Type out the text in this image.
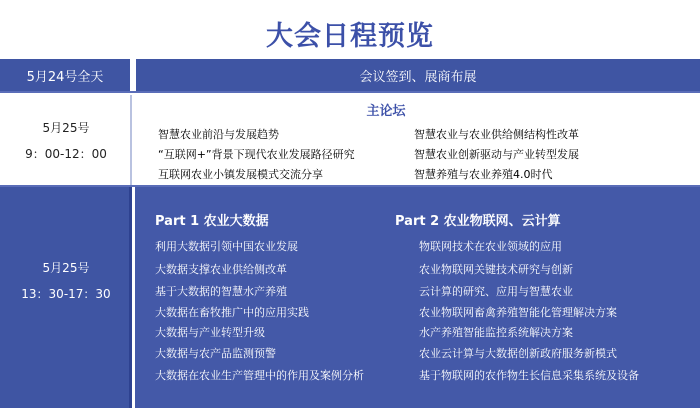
大会日程预览
5月24号全天	会议签到、展商布展
5月25号
9：00-12：00
主论坛
智慧农业前沿与发展趋势
“互联网+”背景下现代农业发展路径研究
互联网农业小镇发展模式交流分享
智慧农业与农业供给侧结构性改革
智慧农业创新驱动与产业转型发展
智慧养殖与农业养殖4.0时代
5月25号
13：30-17：30
Part 1 农业大数据
利用大数据引领中国农业发展
大数据支撑农业供给侧改革
基于大数据的智慧水产养殖
大数据在畜牧推广中的应用实践
大数据与产业转型升级
大数据与农产品监测预警
大数据在农业生产管理中的作用及案例分析
Part 2 农业物联网、云计算
物联网技术在农业领域的应用
农业物联网关键技术研究与创新
云计算的研究、应用与智慧农业
农业物联网畜禽养殖智能化管理解决方案
水产养殖智能监控系统解决方案
农业云计算与大数据创新政府服务新模式
基于物联网的农作物生长信息采集系统及设备
